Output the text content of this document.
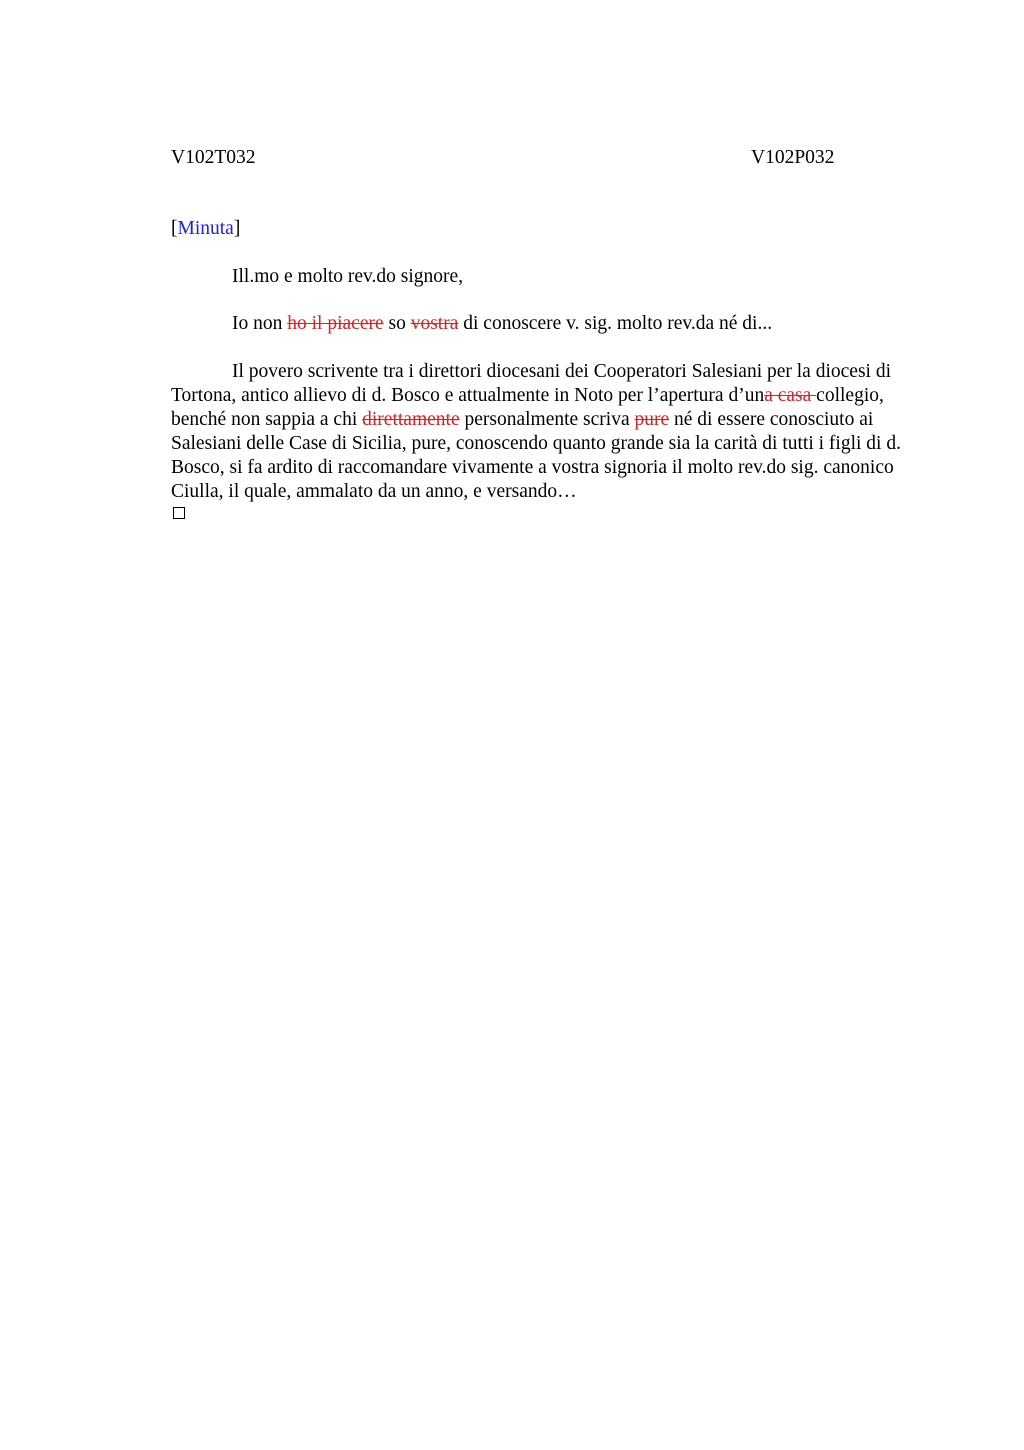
V102T032	V102P032
[Minuta]
Ill.mo e molto rev.do signore,
Io non ho il piacere so vostra di conoscere v. sig. molto rev.da né di...
Il povero scrivente tra i direttori diocesani dei Cooperatori Salesiani per la diocesi di Tortona, antico allievo di d. Bosco e attualmente in Noto per l’apertura d’una casa collegio, benché non sappia a chi direttamente personalmente scriva pure né di essere conosciuto ai Salesiani delle Case di Sicilia, pure, conoscendo quanto grande sia la carità di tutti i figli di d. Bosco, si fa ardito di raccomandare vivamente a vostra signoria il molto rev.do sig. canonico Ciulla, il quale, ammalato da un anno, e versando…
